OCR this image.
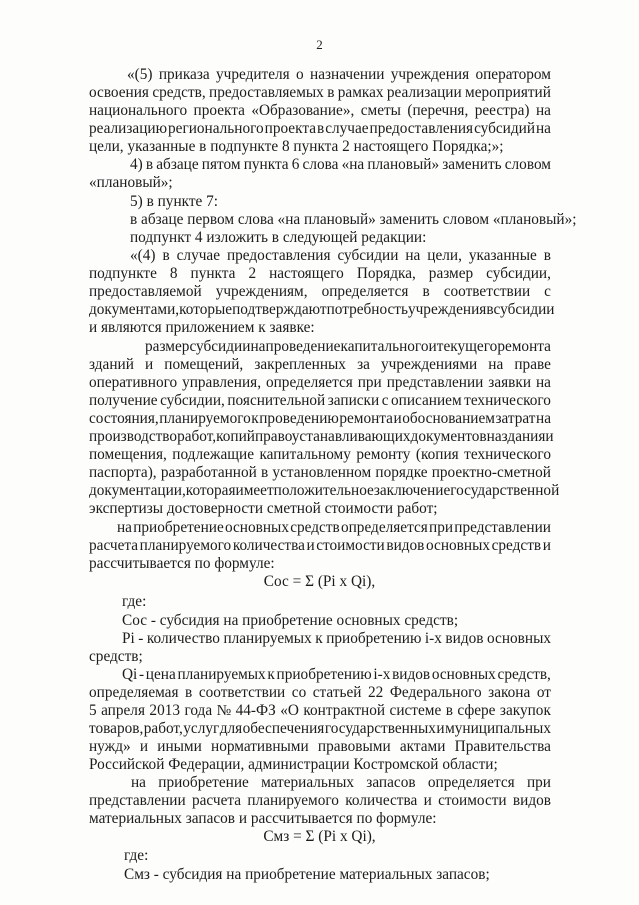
2
«(5) приказа учредителя о назначении учреждения оператором
освоения средств, предоставляемых в рамках реализации мероприятий
национального проекта «Образование», сметы (перечня, реестра) на
реализацию регионального проекта в случае предоставления субсидий на
цели, указанные в подпункте 8 пункта 2 настоящего Порядка;»;
4) в абзаце пятом пункта 6 слова «на плановый» заменить словом
«плановый»;
5) в пункте 7:
в абзаце первом слова «на плановый» заменить словом «плановый»;
подпункт 4 изложить в следующей редакции:
«(4) в случае предоставления субсидии на цели, указанные в
подпункте 8 пункта 2 настоящего Порядка, размер субсидии,
предоставляемой учреждениям, определяется в соответствии с
документами, которые подтверждают потребность учреждения в субсидии
и являются приложением к заявке:
размер субсидии на проведение капитального и текущего ремонта
зданий и помещений, закрепленных за учреждениями на праве
оперативного управления, определяется при представлении заявки на
получение субсидии, пояснительной записки с описанием технического
состояния, планируемого к проведению ремонта и обоснованием затрат на
производство работ, копий правоустанавливающих документов на здания и
помещения, подлежащие капитальному ремонту (копия технического
паспорта), разработанной в установленном порядке проектно-сметной
документации, которая имеет положительное заключение государственной
экспертизы достоверности сметной стоимости работ;
на приобретение основных средств определяется при представлении
расчета планируемого количества и стоимости видов основных средств и
рассчитывается по формуле:
Сос = Σ (Pi x Qi),
где:
Сос - субсидия на приобретение основных средств;
Pi - количество планируемых к приобретению i-х видов основных
средств;
Qi - цена планируемых к приобретению i-х видов основных средств,
определяемая в соответствии со статьей 22 Федерального закона от
5 апреля 2013 года № 44-ФЗ «О контрактной системе в сфере закупок
товаров, работ, услуг для обеспечения государственных и муниципальных
нужд» и иными нормативными правовыми актами Правительства
Российской Федерации, администрации Костромской области;
на приобретение материальных запасов определяется при
представлении расчета планируемого количества и стоимости видов
материальных запасов и рассчитывается по формуле:
Смз = Σ (Pi x Qi),
где:
Смз - субсидия на приобретение материальных запасов;
